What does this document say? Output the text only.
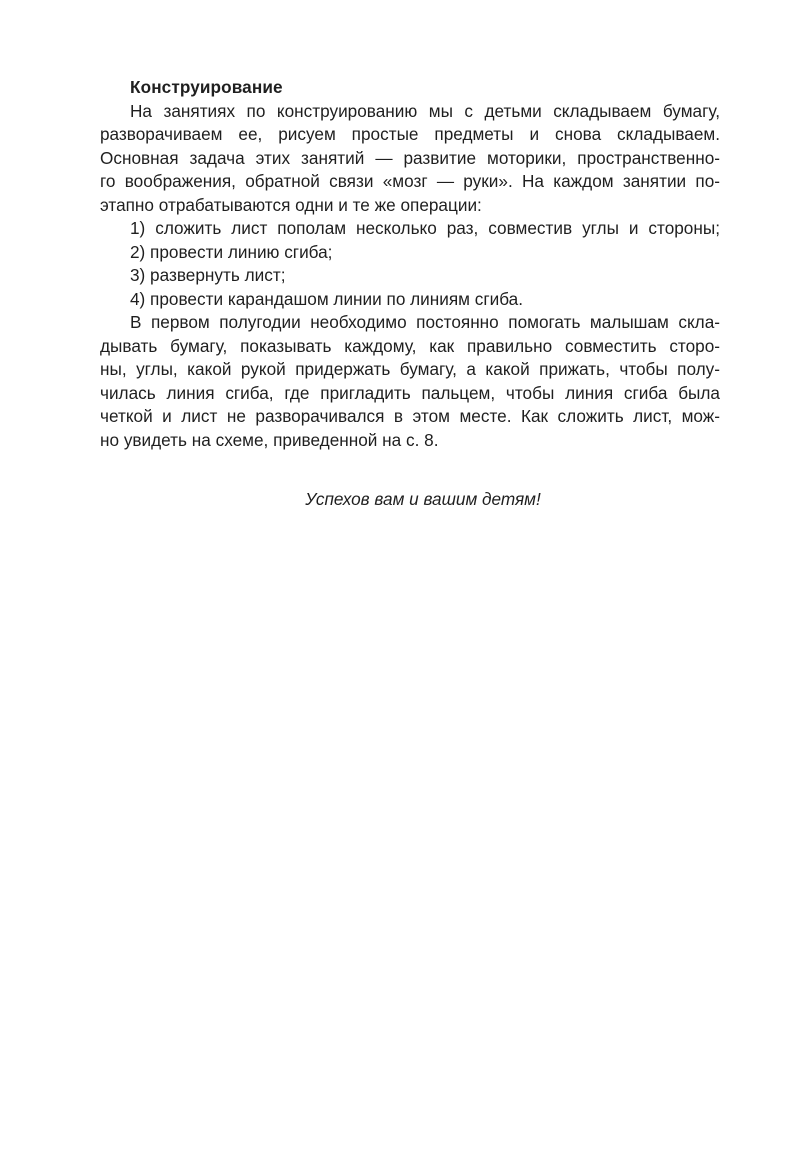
Конструирование
На занятиях по конструированию мы с детьми складываем бумагу,
разворачиваем ее, рисуем простые предметы и снова складываем.
Основная задача этих занятий — развитие моторики, пространственно-
го воображения, обратной связи «мозг — руки». На каждом занятии по-
этапно отрабатываются одни и те же операции:
1) сложить лист пополам несколько раз, совместив углы и стороны;
2) провести линию сгиба;
3) развернуть лист;
4) провести карандашом линии по линиям сгиба.
В первом полугодии необходимо постоянно помогать малышам скла-
дывать бумагу, показывать каждому, как правильно совместить сторо-
ны, углы, какой рукой придержать бумагу, а какой прижать, чтобы полу-
чилась линия сгиба, где пригладить пальцем, чтобы линия сгиба была
четкой и лист не разворачивался в этом месте. Как сложить лист, мож-
но увидеть на схеме, приведенной на с. 8.
Успехов вам и вашим детям!
